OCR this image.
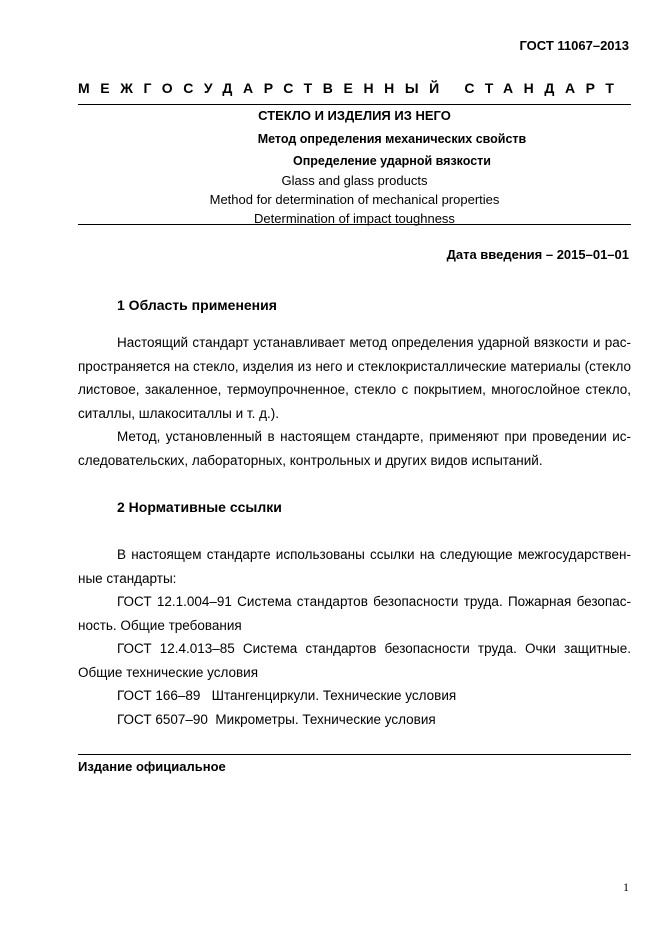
ГОСТ 11067–2013
МЕЖГОСУДАРСТВЕННЫЙ СТАНДАРТ
СТЕКЛО И ИЗДЕЛИЯ ИЗ НЕГО
Метод определения механических свойств
Определение ударной вязкости
Glass and glass products
Method for determination of mechanical properties
Determination of impact toughness
Дата введения – 2015–01–01
1 Область применения

Настоящий стандарт устанавливает метод определения ударной вязкости и распространяется на стекло, изделия из него и стеклокристаллические материалы (стекло листовое, закаленное, термоупрочненное, стекло с покрытием, многослойное стекло, ситаллы, шлакоситаллы и т. д.).

Метод, установленный в настоящем стандарте, применяют при проведении исследовательских, лабораторных, контрольных и других видов испытаний.

2 Нормативные ссылки

В настоящем стандарте использованы ссылки на следующие межгосударственные стандарты:

ГОСТ 12.1.004–91 Система стандартов безопасности труда. Пожарная безопасность. Общие требования

ГОСТ 12.4.013–85 Система стандартов безопасности труда. Очки защитные. Общие технические условия

ГОСТ 166–89   Штангенциркули. Технические условия

ГОСТ 6507–90  Микрометры. Технические условия

Издание официальное
1
